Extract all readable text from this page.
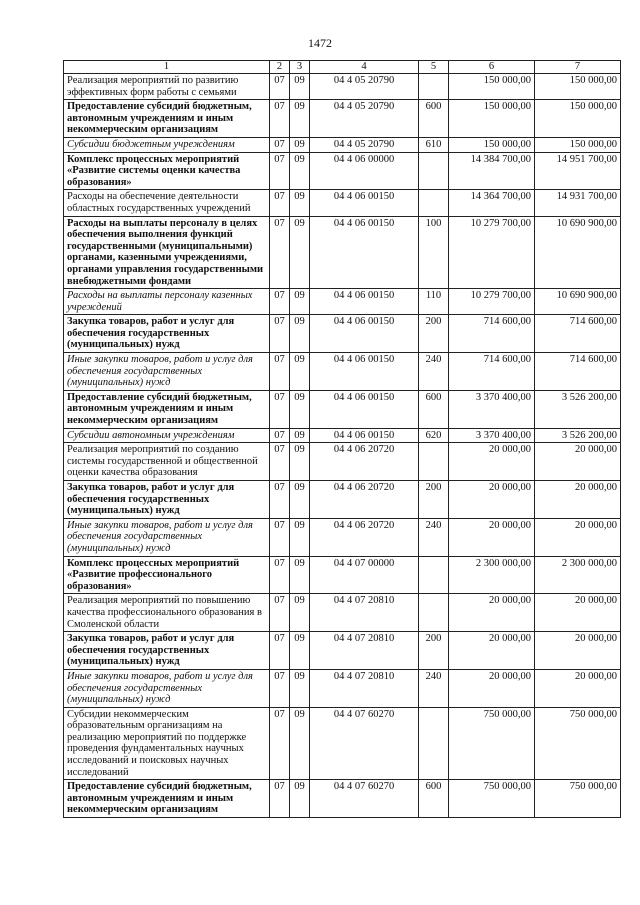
1472
1	2	3	4	5	6	7
Реализация мероприятий по развитию эффективных форм работы с семьями	07	09	04 4 05 20790		150 000,00	150 000,00
Предоставление субсидий бюджетным, автономным учреждениям и иным некоммерческим организациям	07	09	04 4 05 20790	600	150 000,00	150 000,00
Субсидии бюджетным учреждениям	07	09	04 4 05 20790	610	150 000,00	150 000,00
Комплекс процессных мероприятий «Развитие системы оценки качества образования»	07	09	04 4 06 00000		14 384 700,00	14 951 700,00
Расходы на обеспечение деятельности областных государственных учреждений	07	09	04 4 06 00150		14 364 700,00	14 931 700,00
Расходы на выплаты персоналу в целях обеспечения выполнения функций государственными (муниципальными) органами, казенными учреждениями, органами управления государственными внебюджетными фондами	07	09	04 4 06 00150	100	10 279 700,00	10 690 900,00
Расходы на выплаты персоналу казенных учреждений	07	09	04 4 06 00150	110	10 279 700,00	10 690 900,00
Закупка товаров, работ и услуг для обеспечения государственных (муниципальных) нужд	07	09	04 4 06 00150	200	714 600,00	714 600,00
Иные закупки товаров, работ и услуг для обеспечения государственных (муниципальных) нужд	07	09	04 4 06 00150	240	714 600,00	714 600,00
Предоставление субсидий бюджетным, автономным учреждениям и иным некоммерческим организациям	07	09	04 4 06 00150	600	3 370 400,00	3 526 200,00
Субсидии автономным учреждениям	07	09	04 4 06 00150	620	3 370 400,00	3 526 200,00
Реализация мероприятий по созданию системы государственной и общественной оценки качества образования	07	09	04 4 06 20720		20 000,00	20 000,00
Закупка товаров, работ и услуг для обеспечения государственных (муниципальных) нужд	07	09	04 4 06 20720	200	20 000,00	20 000,00
Иные закупки товаров, работ и услуг для обеспечения государственных (муниципальных) нужд	07	09	04 4 06 20720	240	20 000,00	20 000,00
Комплекс процессных мероприятий «Развитие профессионального образования»	07	09	04 4 07 00000		2 300 000,00	2 300 000,00
Реализация мероприятий по повышению качества профессионального образования в Смоленской области	07	09	04 4 07 20810		20 000,00	20 000,00
Закупка товаров, работ и услуг для обеспечения государственных (муниципальных) нужд	07	09	04 4 07 20810	200	20 000,00	20 000,00
Иные закупки товаров, работ и услуг для обеспечения государственных (муниципальных) нужд	07	09	04 4 07 20810	240	20 000,00	20 000,00
Субсидии некоммерческим образовательным организациям на реализацию мероприятий по поддержке проведения фундаментальных научных исследований и поисковых научных исследований	07	09	04 4 07 60270		750 000,00	750 000,00
Предоставление субсидий бюджетным, автономным учреждениям и иным некоммерческим организациям	07	09	04 4 07 60270	600	750 000,00	750 000,00
